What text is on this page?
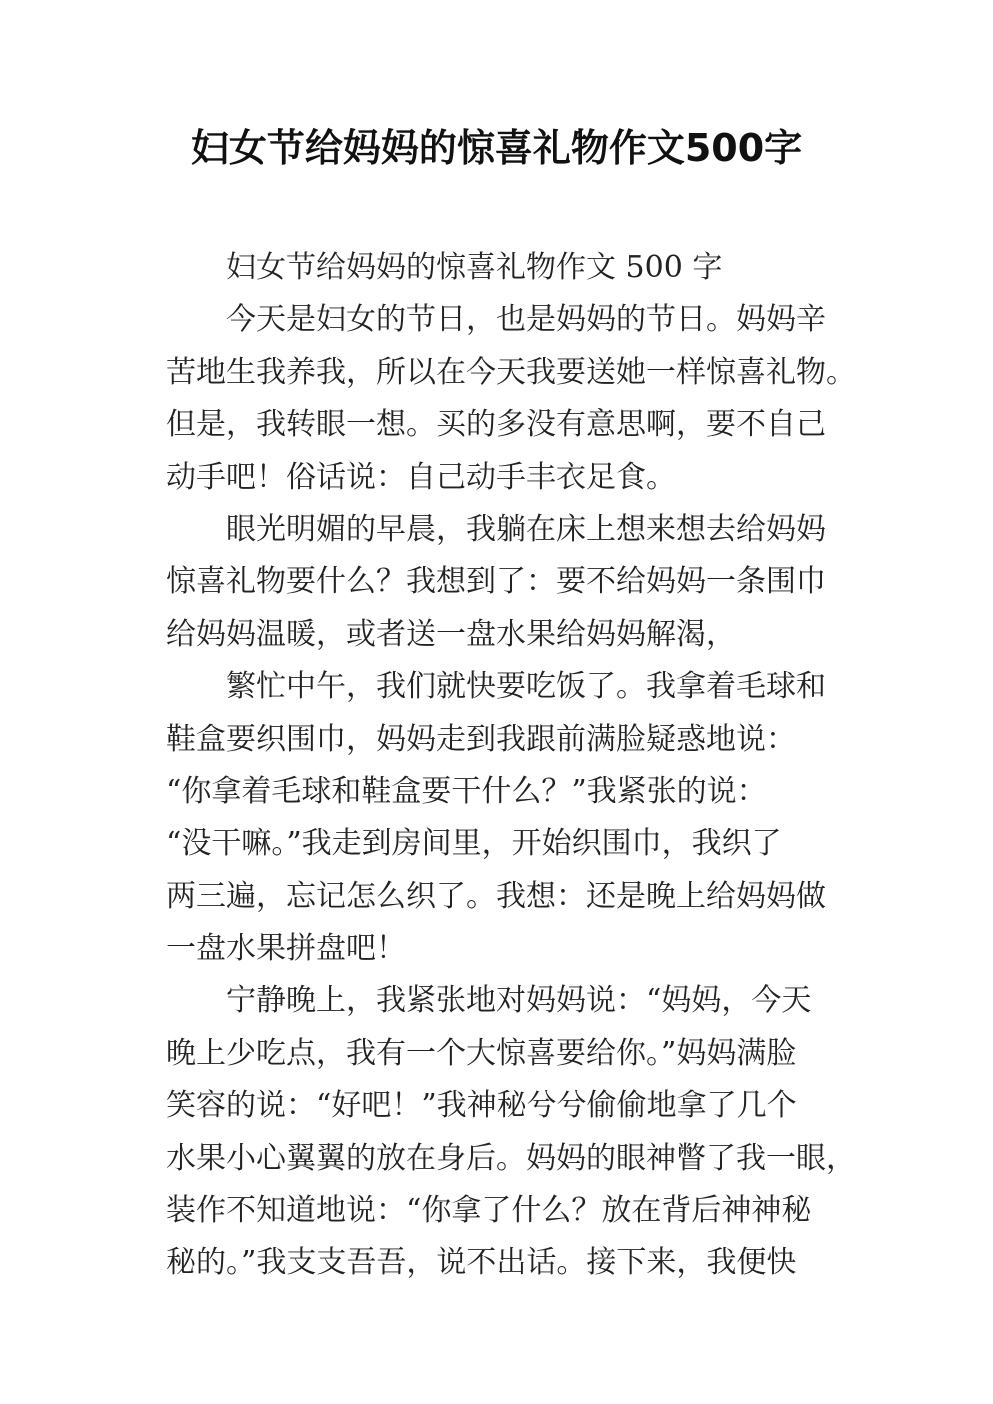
妇女节给妈妈的惊喜礼物作文500字
妇女节给妈妈的惊喜礼物作文 500 字
今天是妇女的节日，也是妈妈的节日。妈妈辛
苦地生我养我，所以在今天我要送她一样惊喜礼物。
但是，我转眼一想。买的多没有意思啊，要不自己
动手吧！俗话说：自己动手丰衣足食。
眼光明媚的早晨，我躺在床上想来想去给妈妈
惊喜礼物要什么？我想到了：要不给妈妈一条围巾
给妈妈温暖，或者送一盘水果给妈妈解渴，
繁忙中午，我们就快要吃饭了。我拿着毛球和
鞋盒要织围巾，妈妈走到我跟前满脸疑惑地说：
“你拿着毛球和鞋盒要干什么？”我紧张的说：
“没干嘛。”我走到房间里，开始织围巾，我织了
两三遍，忘记怎么织了。我想：还是晚上给妈妈做
一盘水果拼盘吧！
宁静晚上，我紧张地对妈妈说：“妈妈，今天
晚上少吃点，我有一个大惊喜要给你。”妈妈满脸
笑容的说：“好吧！”我神秘兮兮偷偷地拿了几个
水果小心翼翼的放在身后。妈妈的眼神瞥了我一眼，
装作不知道地说：“你拿了什么？放在背后神神秘
秘的。”我支支吾吾，说不出话。接下来，我便快
